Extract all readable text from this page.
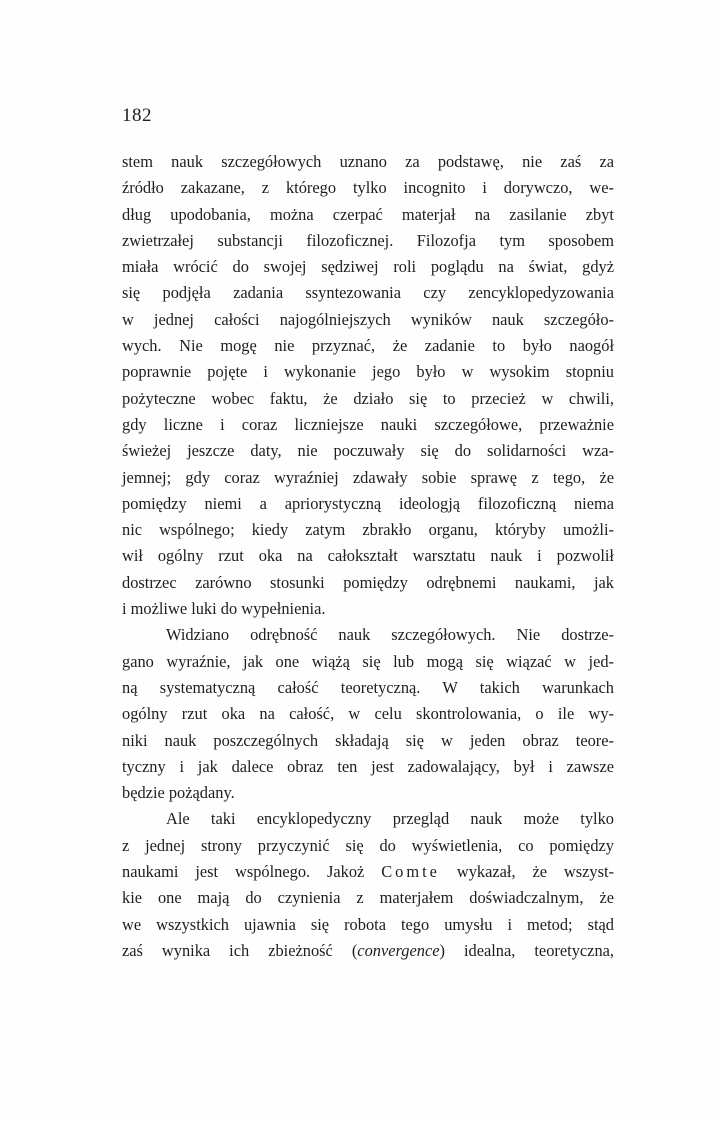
182
stem nauk szczegółowych uznano za podstawę, nie zaś za
źródło zakazane, z którego tylko incognito i dorywczo, we-
dług upodobania, można czerpać materjał na zasilanie zbyt
zwietrzałej substancji filozoficznej. Filozofja tym sposobem
miała wrócić do swojej sędziwej roli poglądu na świat, gdyż
się podjęła zadania ssyntezowania czy zencyklopedyzowania
w jednej całości najogólniejszych wyników nauk szczegóło-
wych. Nie mogę nie przyznać, że zadanie to było naogół
poprawnie pojęte i wykonanie jego było w wysokim stopniu
pożyteczne wobec faktu, że działo się to przecież w chwili,
gdy liczne i coraz liczniejsze nauki szczegółowe, przeważnie
świeżej jeszcze daty, nie poczuwały się do solidarności wza-
jemnej; gdy coraz wyraźniej zdawały sobie sprawę z tego, że
pomiędzy niemi a apriorystyczną ideologją filozoficzną niema
nic wspólnego; kiedy zatym zbrakło organu, któryby umożli-
wił ogólny rzut oka na całokształt warsztatu nauk i pozwolił
dostrzec zarówno stosunki pomiędzy odrębnemi naukami, jak
i możliwe luki do wypełnienia.
Widziano odrębność nauk szczegółowych. Nie dostrze-
gano wyraźnie, jak one wiążą się lub mogą się wiązać w jed-
ną systematyczną całość teoretyczną. W takich warunkach
ogólny rzut oka na całość, w celu skontrolowania, o ile wy-
niki nauk poszczególnych składają się w jeden obraz teore-
tyczny i jak dalece obraz ten jest zadowalający, był i zawsze
będzie pożądany.
Ale taki encyklopedyczny przegląd nauk może tylko
z jednej strony przyczynić się do wyświetlenia, co pomiędzy
naukami jest wspólnego. Jakoż Comte wykazał, że wszyst-
kie one mają do czynienia z materjałem doświadczalnym, że
we wszystkich ujawnia się robota tego umysłu i metod; stąd
zaś wynika ich zbieżność (convergence) idealna, teoretyczna,
